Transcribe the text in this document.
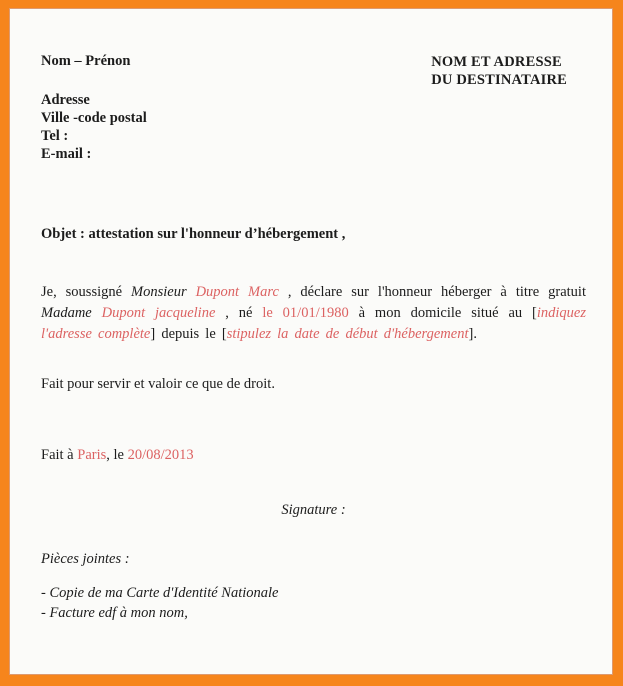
Nom – Prénon	NOM ET ADRESSE
DU DESTINATAIRE
Adresse
Ville -code postal
Tel :
E-mail :
Objet : attestation sur l'honneur d’hébergement ,
Je, soussigné Monsieur Dupont Marc , déclare sur l'honneur héberger à titre gratuit Madame Dupont jacqueline , né le 01/01/1980 à mon domicile situé au [indiquez l'adresse complète] depuis le [stipulez la date de début d'hébergement].
Fait pour servir et valoir ce que de droit.
Fait à Paris, le 20/08/2013
Signature :
Pièces jointes :
- Copie de ma Carte d'Identité Nationale
- Facture edf à mon nom,
